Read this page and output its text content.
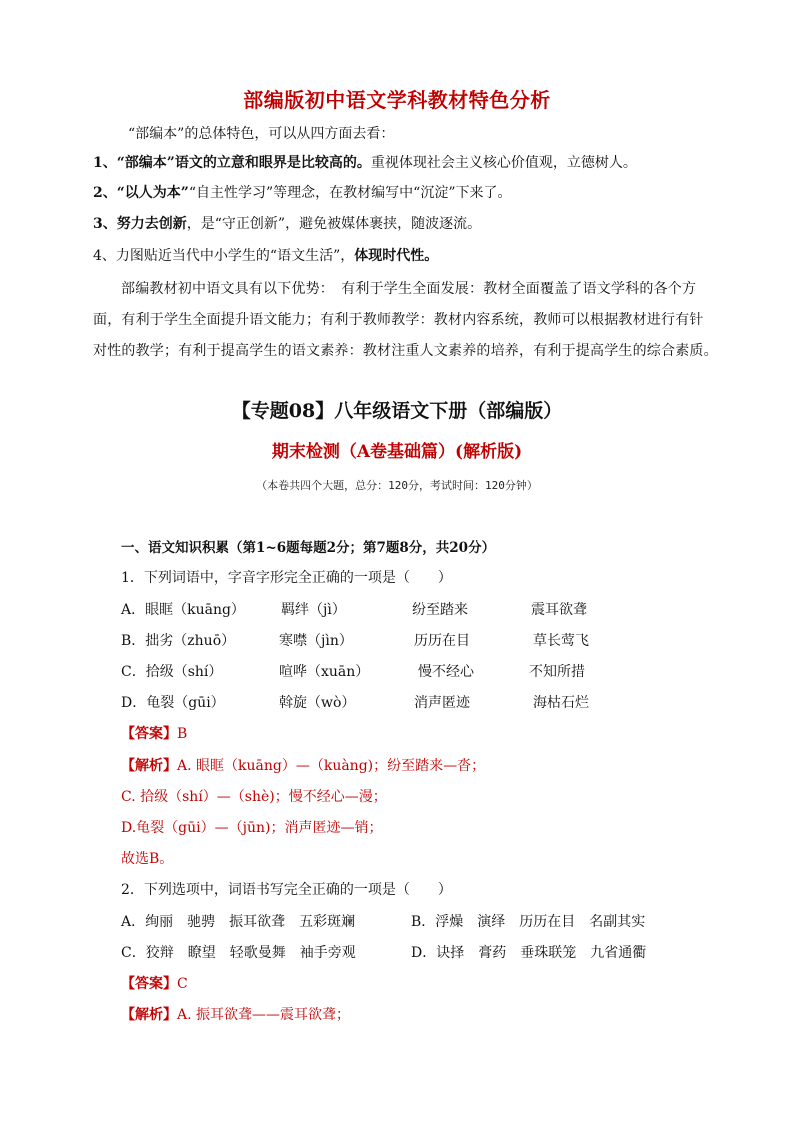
部编版初中语文学科教材特色分析
“部编本”的总体特色，可以从四方面去看：
1、“部编本”语文的立意和眼界是比较高的。重视体现社会主义核心价值观，立德树人。
2、“以人为本”“自主性学习”等理念，在教材编写中“沉淀”下来了。
3、努力去创新，是“守正创新”，避免被媒体裹挟，随波逐流。
4、力图贴近当代中小学生的“语文生活”，体现时代性。
部编教材初中语文具有以下优势：　有利于学生全面发展：教材全面覆盖了语文学科的各个方
面，有利于学生全面提升语文能力；有利于教师教学：教材内容系统，教师可以根据教材进行有针
对性的教学；有利于提高学生的语文素养：教材注重人文素养的培养，有利于提高学生的综合素质。
【专题08】八年级语文下册（部编版）
期末检测（A卷基础篇）(解析版)
（本卷共四个大题，总分：120分，考试时间：120分钟）
一、语文知识积累（第1~6题每题2分；第7题8分，共20分）
1．下列词语中，字音字形完全正确的一项是（　　）
A．眼眶（kuāng）	羁绊（jì）	纷至踏来	震耳欲聋
B．拙劣（zhuō）	寒噤（jìn）	历历在目	草长莺飞
C．拾级（shí）	喧哗（xuān）	慢不经心	不知所措
D．龟裂（gūi）	斡旋（wò）	消声匿迹	海枯石烂
【答案】B
【解析】A. 眼眶（kuāng）—（kuàng)；纷至踏来—沓；
C. 拾级（shí）—（shè)；慢不经心—漫；
D.龟裂（gūi）—（jūn)；消声匿迹—销；
故选B。
2．下列选项中，词语书写完全正确的一项是（　　）
A．绚丽　驰骋　振耳欲聋　五彩斑斓	B．浮燥　演绎　历历在目　名副其实
C．狡辩　瞭望　轻歌曼舞　袖手旁观	D．诀择　膏药　垂珠联笼　九省通衢
【答案】C
【解析】A. 振耳欲聋——震耳欲聋；
